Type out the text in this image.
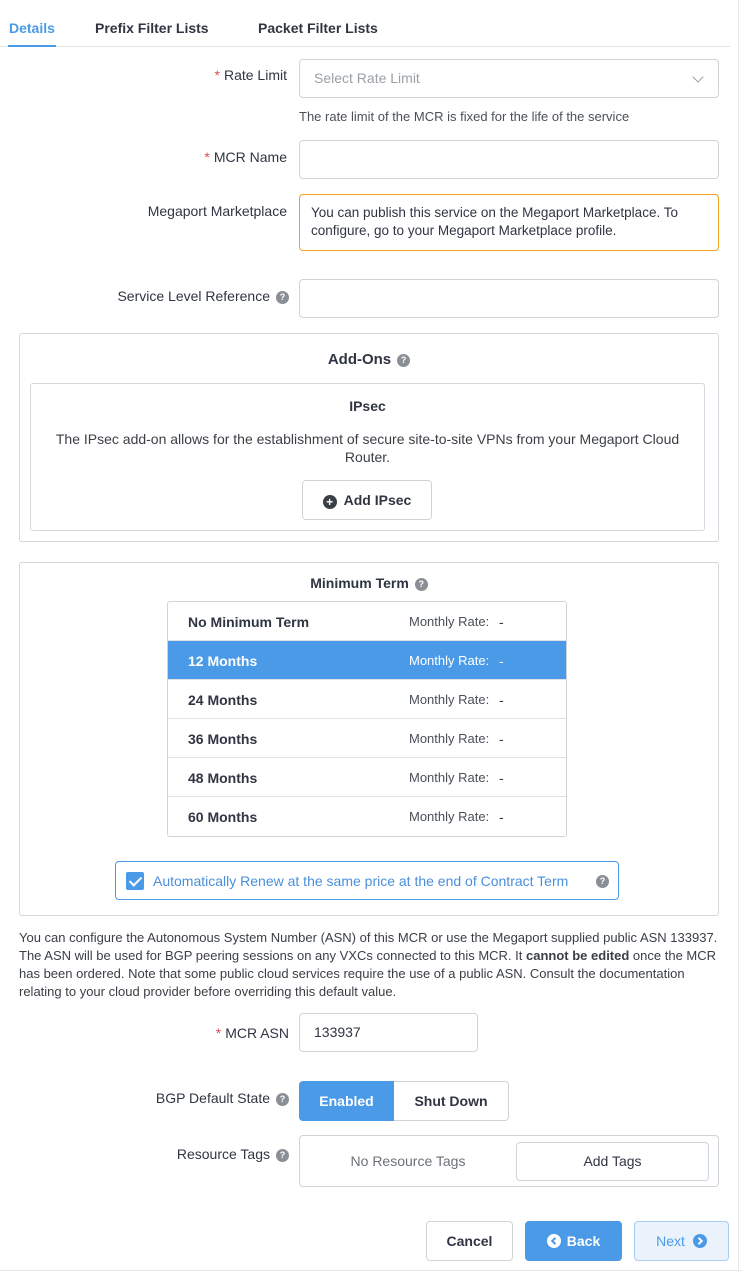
Details	Prefix Filter Lists	Packet Filter Lists
* Rate Limit	Select Rate Limit
The rate limit of the MCR is fixed for the life of the service
* MCR Name
Megaport Marketplace	You can publish this service on the Megaport Marketplace. To configure, go to your Megaport Marketplace profile.
Service Level Reference ?
Add-Ons ?
IPsec
The IPsec add-on allows for the establishment of secure site-to-site VPNs from your Megaport Cloud Router.
+ Add IPsec
Minimum Term ?
No Minimum Term	Monthly Rate: -
12 Months	Monthly Rate: -
24 Months	Monthly Rate: -
36 Months	Monthly Rate: -
48 Months	Monthly Rate: -
60 Months	Monthly Rate: -
Automatically Renew at the same price at the end of Contract Term	?
You can configure the Autonomous System Number (ASN) of this MCR or use the Megaport supplied public ASN 133937. The ASN will be used for BGP peering sessions on any VXCs connected to this MCR. It cannot be edited once the MCR has been ordered. Note that some public cloud services require the use of a public ASN. Consult the documentation relating to your cloud provider before overriding this default value.
* MCR ASN	133937
BGP Default State ?	Enabled	Shut Down
Resource Tags ?	No Resource Tags	Add Tags
Cancel	Back	Next
